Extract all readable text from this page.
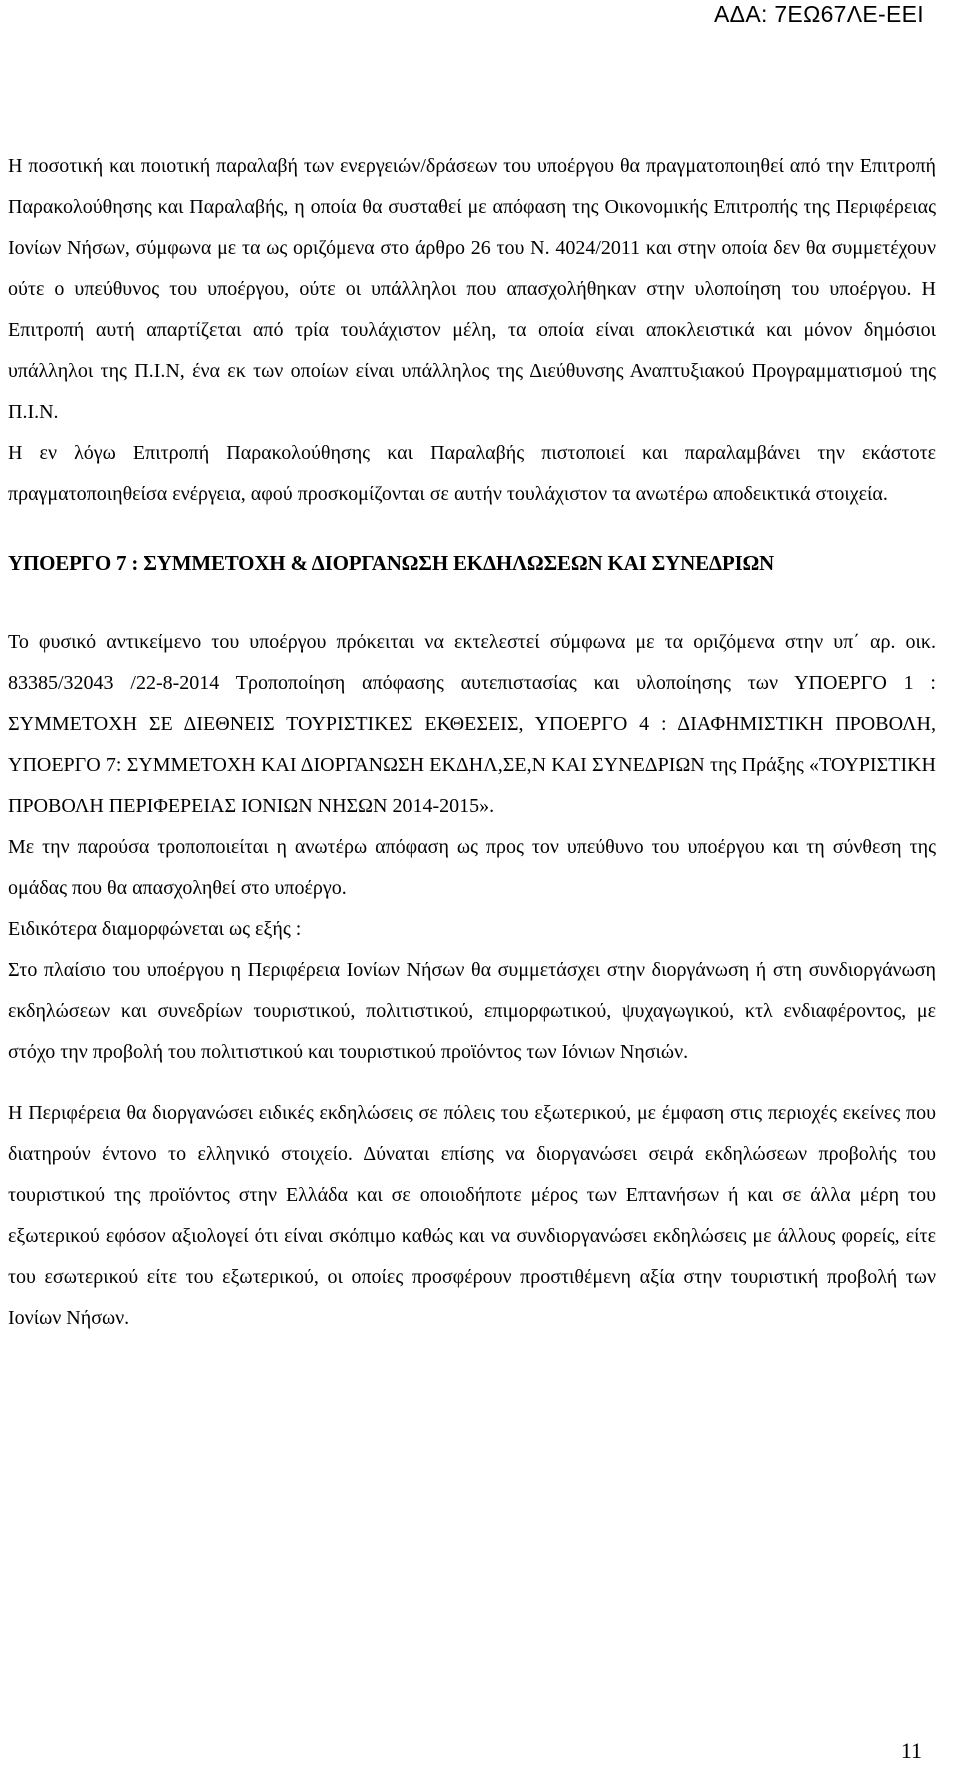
ΑΔΑ: 7ΕΩ67ΛΕ-ΕΕΙ

Η ποσοτική και ποιοτική παραλαβή των ενεργειών/δράσεων του υποέργου θα πραγματοποιηθεί από την Επιτροπή Παρακολούθησης και Παραλαβής, η οποία θα συσταθεί με απόφαση της Οικονομικής Επιτροπής της Περιφέρειας Ιονίων Νήσων, σύμφωνα με τα ως οριζόμενα στο άρθρο 26 του Ν. 4024/2011 και στην οποία δεν θα συμμετέχουν ούτε ο υπεύθυνος του υποέργου, ούτε οι υπάλληλοι που απασχολήθηκαν στην υλοποίηση του υποέργου. Η Επιτροπή αυτή απαρτίζεται από τρία τουλάχιστον μέλη, τα οποία είναι αποκλειστικά και μόνον δημόσιοι υπάλληλοι της Π.Ι.Ν, ένα εκ των οποίων είναι υπάλληλος της Διεύθυνσης Αναπτυξιακού Προγραμματισμού της Π.Ι.Ν.

Η εν λόγω Επιτροπή Παρακολούθησης και Παραλαβής πιστοποιεί και παραλαμβάνει την εκάστοτε πραγματοποιηθείσα ενέργεια, αφού προσκομίζονται σε αυτήν τουλάχιστον τα ανωτέρω αποδεικτικά στοιχεία.

ΥΠΟΕΡΓΟ 7 : ΣΥΜΜΕΤΟΧΗ & ΔΙΟΡΓΑΝΩΣΗ ΕΚΔΗΛΩΣΕΩΝ ΚΑΙ ΣΥΝΕΔΡΙΩΝ

Το φυσικό αντικείμενο του υποέργου πρόκειται να εκτελεστεί σύμφωνα με τα οριζόμενα στην υπ΄ αρ. οικ. 83385/32043 /22-8-2014 Τροποποίηση απόφασης αυτεπιστασίας και υλοποίησης των ΥΠΟΕΡΓΟ 1 : ΣΥΜΜΕΤΟΧΗ ΣΕ ΔΙΕΘΝΕΙΣ ΤΟΥΡΙΣΤΙΚΕΣ ΕΚΘΕΣΕΙΣ, ΥΠΟΕΡΓΟ 4 : ΔΙΑΦΗΜΙΣΤΙΚΗ ΠΡΟΒΟΛΗ, ΥΠΟΕΡΓΟ 7: ΣΥΜΜΕΤΟΧΗ ΚΑΙ ΔΙΟΡΓΑΝΩΣΗ ΕΚΔΗΛ,ΣΕ,Ν ΚΑΙ ΣΥΝΕΔΡΙΩΝ της Πράξης «ΤΟΥΡΙΣΤΙΚΗ ΠΡΟΒΟΛΗ ΠΕΡΙΦΕΡΕΙΑΣ ΙΟΝΙΩΝ ΝΗΣΩΝ 2014-2015».

Με την παρούσα τροποποιείται η ανωτέρω απόφαση ως προς τον υπεύθυνο του υποέργου και τη σύνθεση της ομάδας που θα απασχοληθεί στο υποέργο.

Ειδικότερα διαμορφώνεται ως εξής :

Στο πλαίσιο του υποέργου η Περιφέρεια Ιονίων Νήσων θα συμμετάσχει στην διοργάνωση ή στη συνδιοργάνωση εκδηλώσεων και συνεδρίων τουριστικού, πολιτιστικού, επιμορφωτικού, ψυχαγωγικού, κτλ ενδιαφέροντος, με στόχο την προβολή του πολιτιστικού και τουριστικού προϊόντος των Ιόνιων Νησιών.

Η Περιφέρεια θα διοργανώσει ειδικές εκδηλώσεις σε πόλεις του εξωτερικού, με έμφαση στις περιοχές εκείνες που διατηρούν έντονο το ελληνικό στοιχείο. Δύναται επίσης να διοργανώσει σειρά εκδηλώσεων προβολής του τουριστικού της προϊόντος στην Ελλάδα και σε οποιοδήποτε μέρος των Επτανήσων ή και σε άλλα μέρη του εξωτερικού εφόσον αξιολογεί ότι είναι σκόπιμο καθώς και να συνδιοργανώσει εκδηλώσεις με άλλους φορείς, είτε του εσωτερικού είτε του εξωτερικού, οι οποίες προσφέρουν προστιθέμενη αξία στην τουριστική προβολή των Ιονίων Νήσων.

11
